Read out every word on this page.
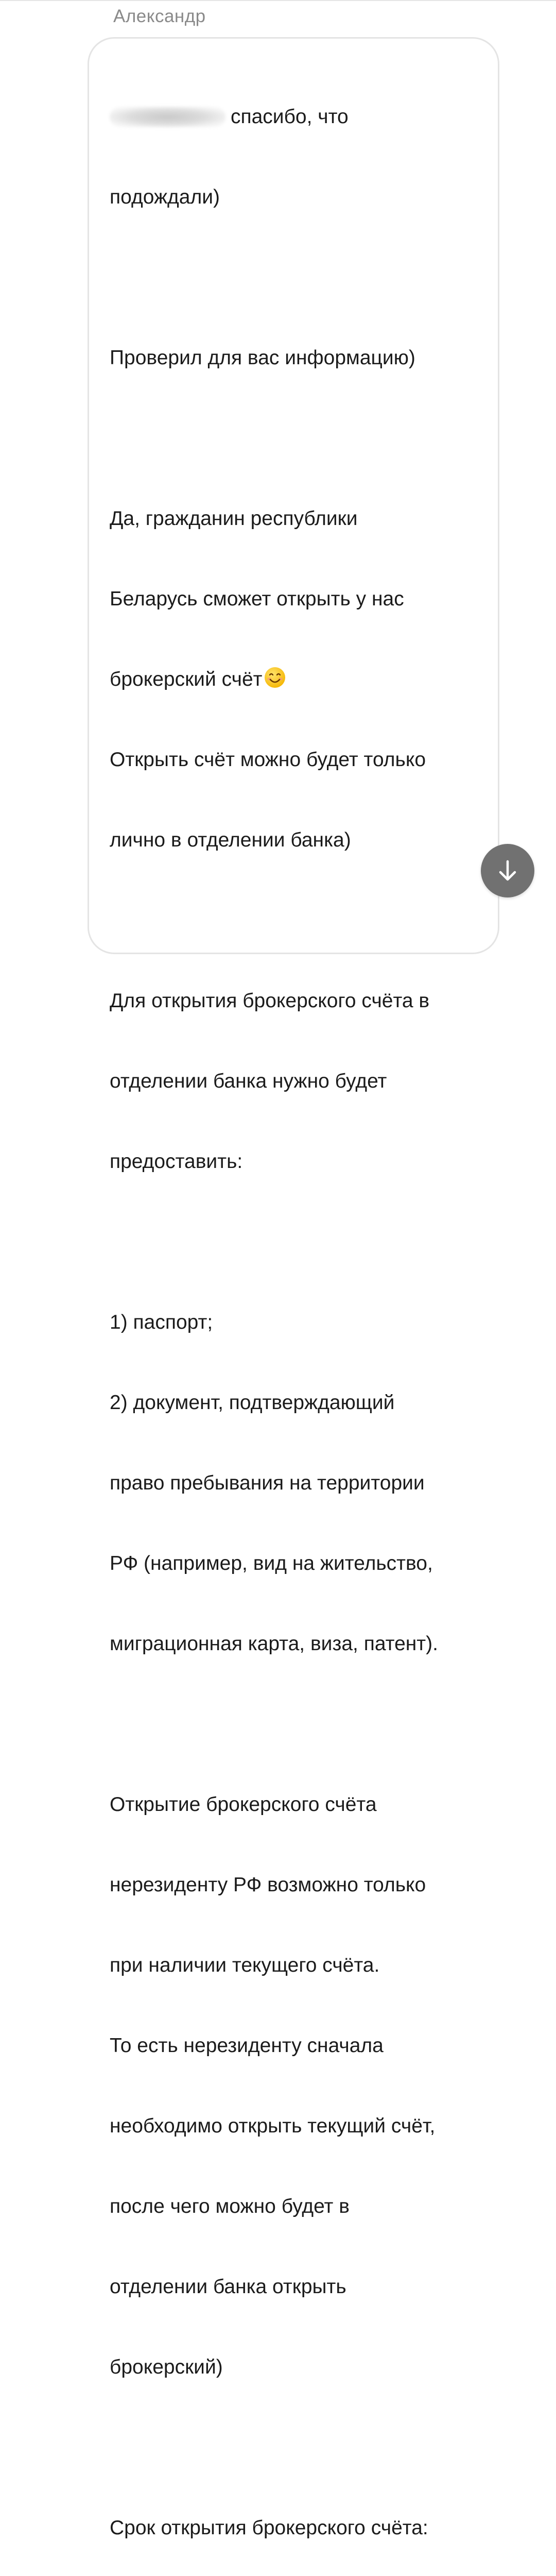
Александр

спасибо, что

подождали)

Проверил для вас информацию)

Да, гражданин республики

Беларусь сможет открыть у нас

брокерский счёт

Открыть счёт можно будет только

лично в отделении банка)

Для открытия брокерского счёта в

отделении банка нужно будет

предоставить:

1) паспорт;

2) документ, подтверждающий

право пребывания на территории

РФ (например, вид на жительство,

миграционная карта, виза, патент).

Открытие брокерского счёта

нерезиденту РФ возможно только

при наличии текущего счёта.

То есть нерезиденту сначала

необходимо открыть текущий счёт,

после чего можно будет в

отделении банка открыть

брокерский)

Срок открытия брокерского счёта:
